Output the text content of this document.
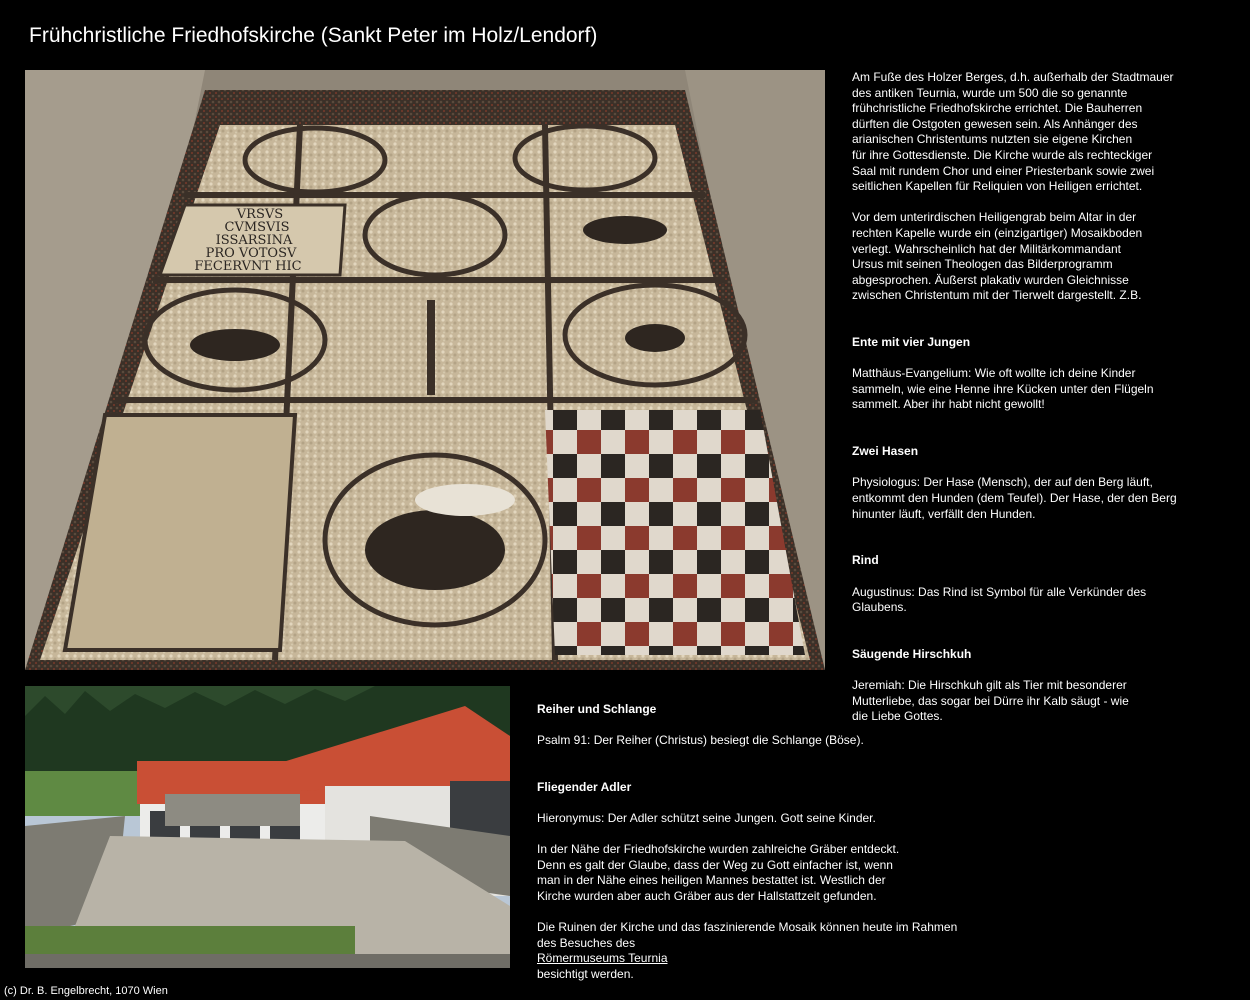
Frühchristliche Friedhofskirche (Sankt Peter im Holz/Lendorf)
VRSVS
CVMSVIS
ISSARSINA
PRO VOTOSV
FECERVNT HIC

Am Fuße des Holzer Berges, d.h. außerhalb der Stadtmauer
des antiken Teurnia, wurde um 500 die so genannte
frühchristliche Friedhofskirche errichtet. Die Bauherren
dürften die Ostgoten gewesen sein. Als Anhänger des
arianischen Christentums nutzten sie eigene Kirchen
für ihre Gottesdienste. Die Kirche wurde als rechteckiger
Saal mit rundem Chor und einer Priesterbank sowie zwei
seitlichen Kapellen für Reliquien von Heiligen errichtet.

Vor dem unterirdischen Heiligengrab beim Altar in der
rechten Kapelle wurde ein (einzigartiger) Mosaikboden
verlegt. Wahrscheinlich hat der Militärkommandant
Ursus mit seinen Theologen das Bilderprogramm
abgesprochen. Äußerst plakativ wurden Gleichnisse
zwischen Christentum mit der Tierwelt dargestellt. Z.B.

Ente mit vier Jungen

Matthäus-Evangelium: Wie oft wollte ich deine Kinder
sammeln, wie eine Henne ihre Kücken unter den Flügeln
sammelt. Aber ihr habt nicht gewollt!

Zwei Hasen

Physiologus: Der Hase (Mensch), der auf den Berg läuft,
entkommt den Hunden (dem Teufel). Der Hase, der den Berg
hinunter läuft, verfällt den Hunden.

Rind

Augustinus: Das Rind ist Symbol für alle Verkünder des
Glaubens.

Säugende Hirschkuh

Jeremiah: Die Hirschkuh gilt als Tier mit besonderer
Mutterliebe, das sogar bei Dürre ihr Kalb säugt - wie
die Liebe Gottes.

Reiher und Schlange

Psalm 91: Der Reiher (Christus) besiegt die Schlange (Böse).

Fliegender Adler

Hieronymus: Der Adler schützt seine Jungen. Gott seine Kinder.

In der Nähe der Friedhofskirche wurden zahlreiche Gräber entdeckt.
Denn es galt der Glaube, dass der Weg zu Gott einfacher ist, wenn
man in der Nähe eines heiligen Mannes bestattet ist. Westlich der
Kirche wurden aber auch Gräber aus der Hallstattzeit gefunden.

Die Ruinen der Kirche und das faszinierende Mosaik können heute im Rahmen
des Besuches des
Römermuseums Teurnia
besichtigt werden.

(c) Dr. B. Engelbrecht, 1070 Wien
